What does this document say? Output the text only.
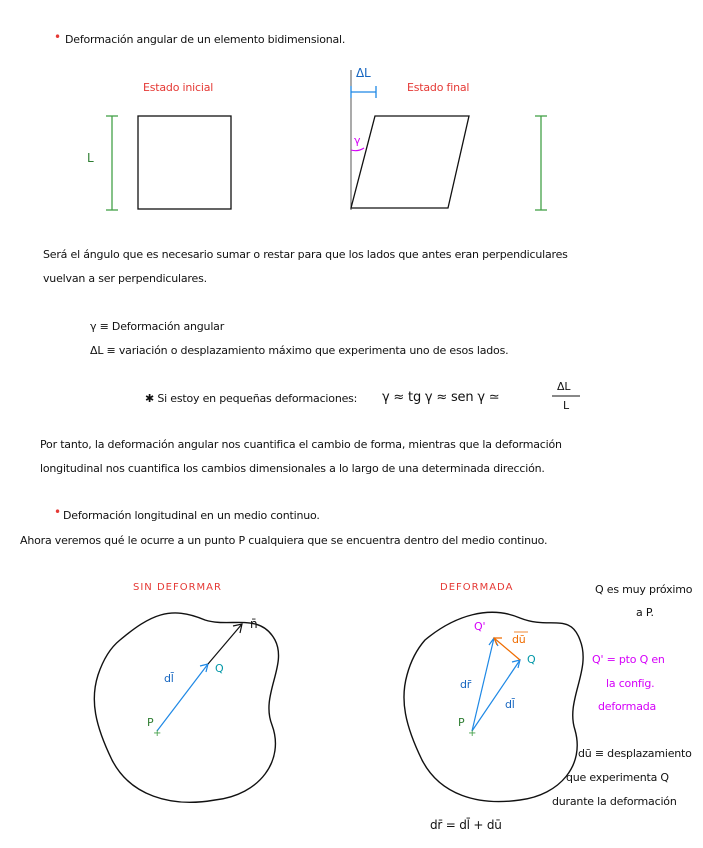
• Deformación angular de un elemento bidimensional.
Estado inicial	Estado final
L
ΔL
γ
Será el ángulo que es necesario sumar o restar para que los lados que antes eran perpendiculares
vuelvan a ser perpendiculares.
γ ≡ Deformación angular
ΔL ≡ variación o desplazamiento máximo que experimenta uno de esos lados.
✱ Si estoy en pequeñas deformaciones: γ ≈ tg γ ≈ sen γ ≃
ΔL
L
Por tanto, la deformación angular nos cuantifica el cambio de forma, mientras que la deformación
longitudinal nos cuantifica los cambios dimensionales a lo largo de una determinada dirección.
• Deformación longitudinal en un medio continuo.
Ahora veremos qué le ocurre a un punto P cualquiera que se encuentra dentro del medio continuo.
SIN DEFORMAR	DEFORMADA
n̄
dl̄
Q
P
Q'
dū
Q
dr̄
dl̄
P
Q es muy próximo
a P.
Q' = pto Q en
la config.
deformada
dū ≡ desplazamiento
que experimenta Q
durante la deformación
dr̄ = dl̄ + dū
+	+
